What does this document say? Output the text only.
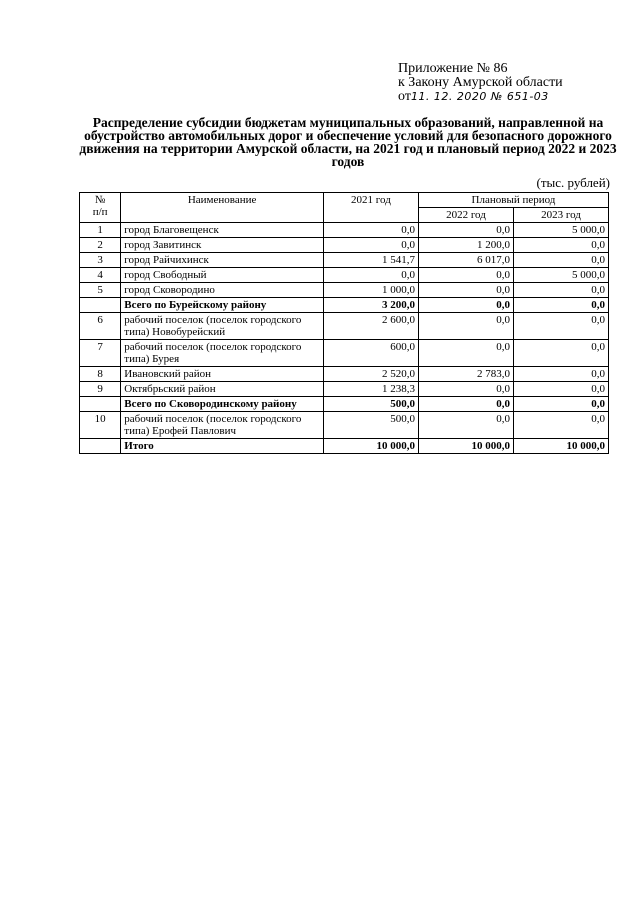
Приложение № 86
к Закону Амурской области
от11. 12. 2020 № 651-03
Распределение субсидии бюджетам муниципальных образований, направленной на обустройство автомобильных дорог и обеспечение условий для безопасного дорожного движения на территории Амурской области, на 2021 год и плановый период 2022 и 2023 годов
(тыс. рублей)
№
п/п	Наименование	2021 год	Плановый период	
			2022 год	2023 год
1	город Благовещенск	0,0	0,0	5 000,0
2	город Завитинск	0,0	1 200,0	0,0
3	город Райчихинск	1 541,7	6 017,0	0,0
4	город Свободный	0,0	0,0	5 000,0
5	город Сковородино	1 000,0	0,0	0,0
	Всего по Бурейскому району	3 200,0	0,0	0,0
6	рабочий поселок (поселок городского типа) Новобурейский	2 600,0	0,0	0,0
7	рабочий поселок (поселок городского типа) Бурея	600,0	0,0	0,0
8	Ивановский район	2 520,0	2 783,0	0,0
9	Октябрьский район	1 238,3	0,0	0,0
	Всего по Сковородинскому району	500,0	0,0	0,0
10	рабочий поселок (поселок городского типа) Ерофей Павлович	500,0	0,0	0,0
	Итого	10 000,0	10 000,0	10 000,0
